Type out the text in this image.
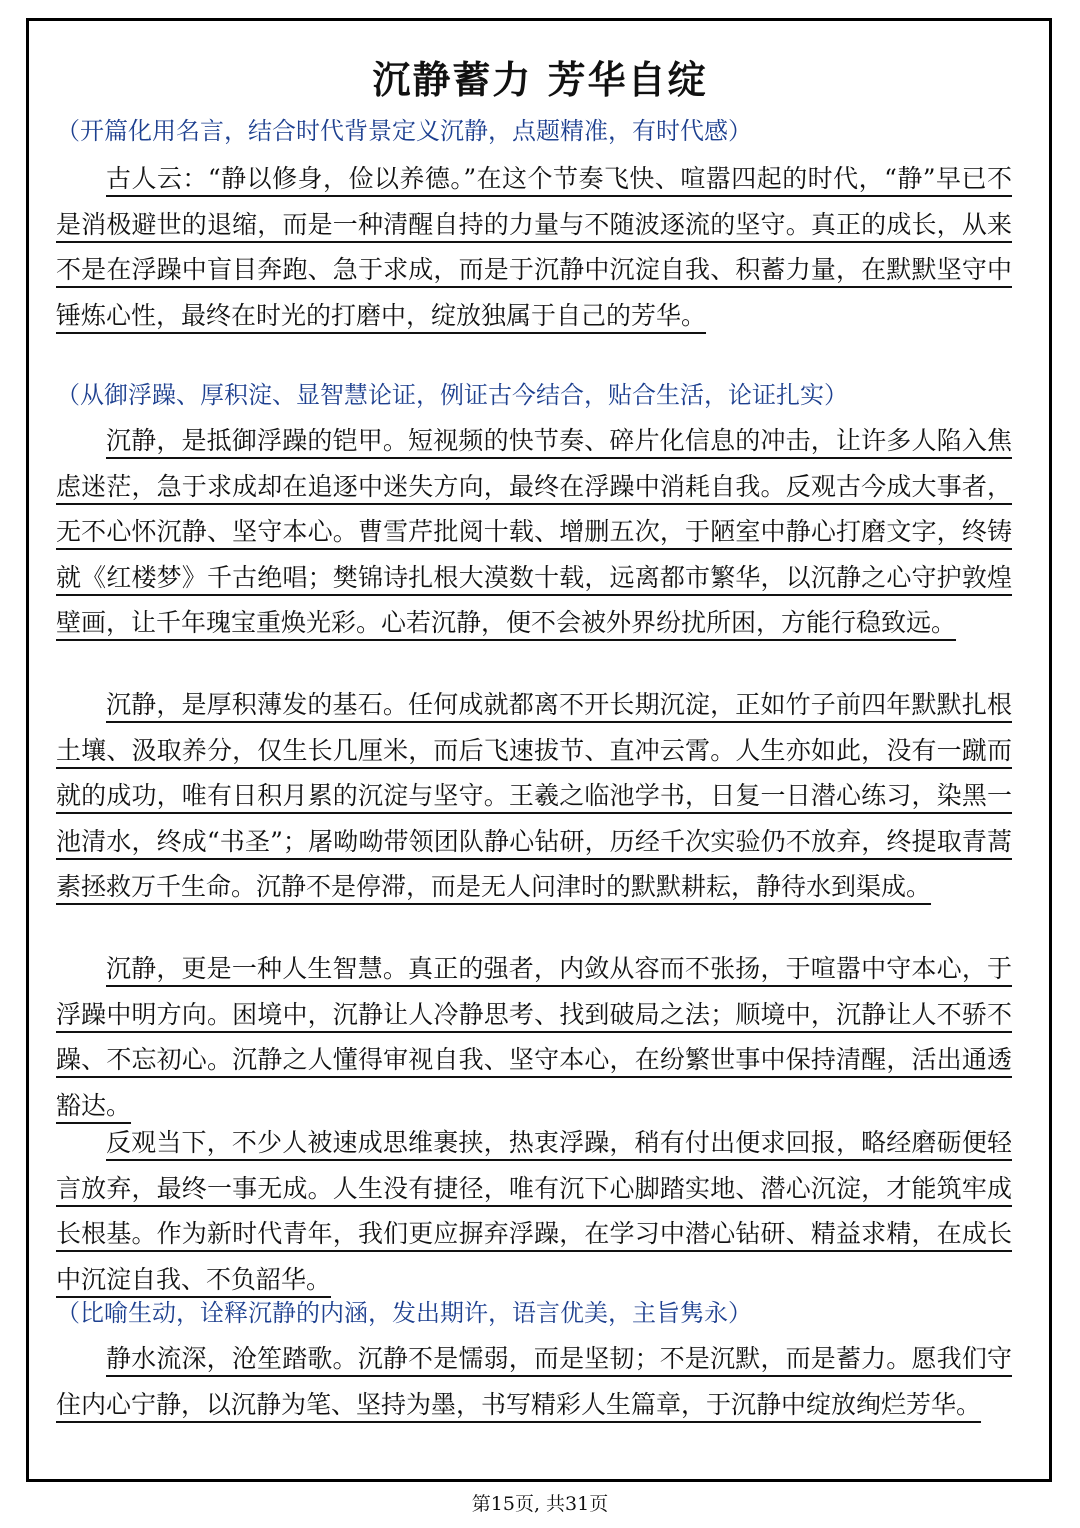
沉静蓄力 芳华自绽
（开篇化用名言，结合时代背景定义沉静，点题精准，有时代感）

古人云：“静以修身，俭以养德。”在这个节奏飞快、喧嚣四起的时代，“静”早已不是消极避世的退缩，而是一种清醒自持的力量与不随波逐流的坚守。真正的成长，从来不是在浮躁中盲目奔跑、急于求成，而是于沉静中沉淀自我、积蓄力量，在默默坚守中锤炼心性，最终在时光的打磨中，绽放独属于自己的芳华。

（从御浮躁、厚积淀、显智慧论证，例证古今结合，贴合生活，论证扎实）

沉静，是抵御浮躁的铠甲。短视频的快节奏、碎片化信息的冲击，让许多人陷入焦虑迷茫，急于求成却在追逐中迷失方向，最终在浮躁中消耗自我。反观古今成大事者，无不心怀沉静、坚守本心。曹雪芹批阅十载、增删五次，于陋室中静心打磨文字，终铸就《红楼梦》千古绝唱；樊锦诗扎根大漠数十载，远离都市繁华，以沉静之心守护敦煌壁画，让千年瑰宝重焕光彩。心若沉静，便不会被外界纷扰所困，方能行稳致远。

沉静，是厚积薄发的基石。任何成就都离不开长期沉淀，正如竹子前四年默默扎根土壤、汲取养分，仅生长几厘米，而后飞速拔节、直冲云霄。人生亦如此，没有一蹴而就的成功，唯有日积月累的沉淀与坚守。王羲之临池学书，日复一日潜心练习，染黑一池清水，终成“书圣”；屠呦呦带领团队静心钻研，历经千次实验仍不放弃，终提取青蒿素拯救万千生命。沉静不是停滞，而是无人问津时的默默耕耘，静待水到渠成。

沉静，更是一种人生智慧。真正的强者，内敛从容而不张扬，于喧嚣中守本心，于浮躁中明方向。困境中，沉静让人冷静思考、找到破局之法；顺境中，沉静让人不骄不躁、不忘初心。沉静之人懂得审视自我、坚守本心，在纷繁世事中保持清醒，活出通透豁达。

反观当下，不少人被速成思维裹挟，热衷浮躁，稍有付出便求回报，略经磨砺便轻言放弃，最终一事无成。人生没有捷径，唯有沉下心脚踏实地、潜心沉淀，才能筑牢成长根基。作为新时代青年，我们更应摒弃浮躁，在学习中潜心钻研、精益求精，在成长中沉淀自我、不负韶华。

（比喻生动，诠释沉静的内涵，发出期许，语言优美，主旨隽永）

静水流深，沧笙踏歌。沉静不是懦弱，而是坚韧；不是沉默，而是蓄力。愿我们守住内心宁静，以沉静为笔、坚持为墨，书写精彩人生篇章，于沉静中绽放绚烂芳华。

第15页, 共31页
